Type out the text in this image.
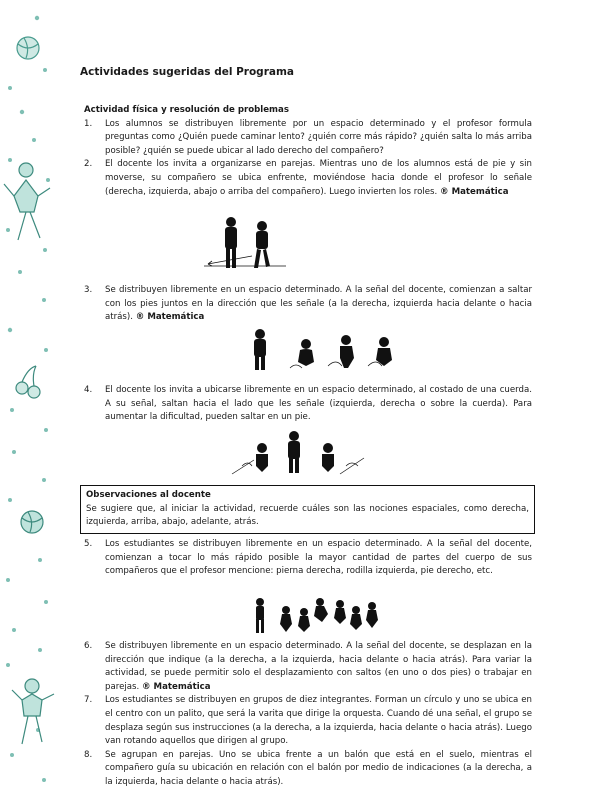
Actividades sugeridas del Programa
Actividad física y resolución de problemas
1.	Los alumnos se distribuyen libremente por un espacio determinado y el profesor formula preguntas como ¿Quién puede caminar lento? ¿quién corre más rápido? ¿quién salta lo más arriba posible? ¿quién se puede ubicar al lado derecho del compañero?
2.	El docente los invita a organizarse en parejas. Mientras uno de los alumnos está de pie y sin moverse, su compañero se ubica enfrente, moviéndose hacia donde el profesor lo señale (derecha, izquierda, abajo o arriba del compañero). Luego invierten los roles. ® Matemática
3.	Se distribuyen libremente en un espacio determinado. A la señal del docente, comienzan a saltar con los pies juntos en la dirección que les señale (a la derecha, izquierda hacia delante o hacia atrás). ® Matemática
4.	El docente los invita a ubicarse libremente en un espacio determinado, al costado de una cuerda. A su señal, saltan hacia el lado que les señale (izquierda, derecha o sobre la cuerda). Para aumentar la dificultad, pueden saltar en un pie.
Observaciones al docente
Se sugiere que, al iniciar la actividad, recuerde cuáles son las nociones espaciales, como derecha, izquierda, arriba, abajo, adelante, atrás.
5.	Los estudiantes se distribuyen libremente en un espacio determinado. A la señal del docente, comienzan a tocar lo más rápido posible la mayor cantidad de partes del cuerpo de sus compañeros que el profesor mencione: pierna derecha, rodilla izquierda, pie derecho, etc.
6.	Se distribuyen libremente en un espacio determinado. A la señal del docente, se desplazan en la dirección que indique (a la derecha, a la izquierda, hacia delante o hacia atrás). Para variar la actividad, se puede permitir solo el desplazamiento con saltos (en uno o dos pies) o trabajar en parejas. ® Matemática
7.	Los estudiantes se distribuyen en grupos de diez integrantes. Forman un círculo y uno se ubica en el centro con un palito, que será la varita que dirige la orquesta. Cuando dé una señal, el grupo se desplaza según sus instrucciones (a la derecha, a la izquierda, hacia delante o hacia atrás). Luego van rotando aquellos que dirigen al grupo.
8.	Se agrupan en parejas. Uno se ubica frente a un balón que está en el suelo, mientras el compañero guía su ubicación en relación con el balón por medio de indicaciones (a la derecha, a la izquierda, hacia delante o hacia atrás).
